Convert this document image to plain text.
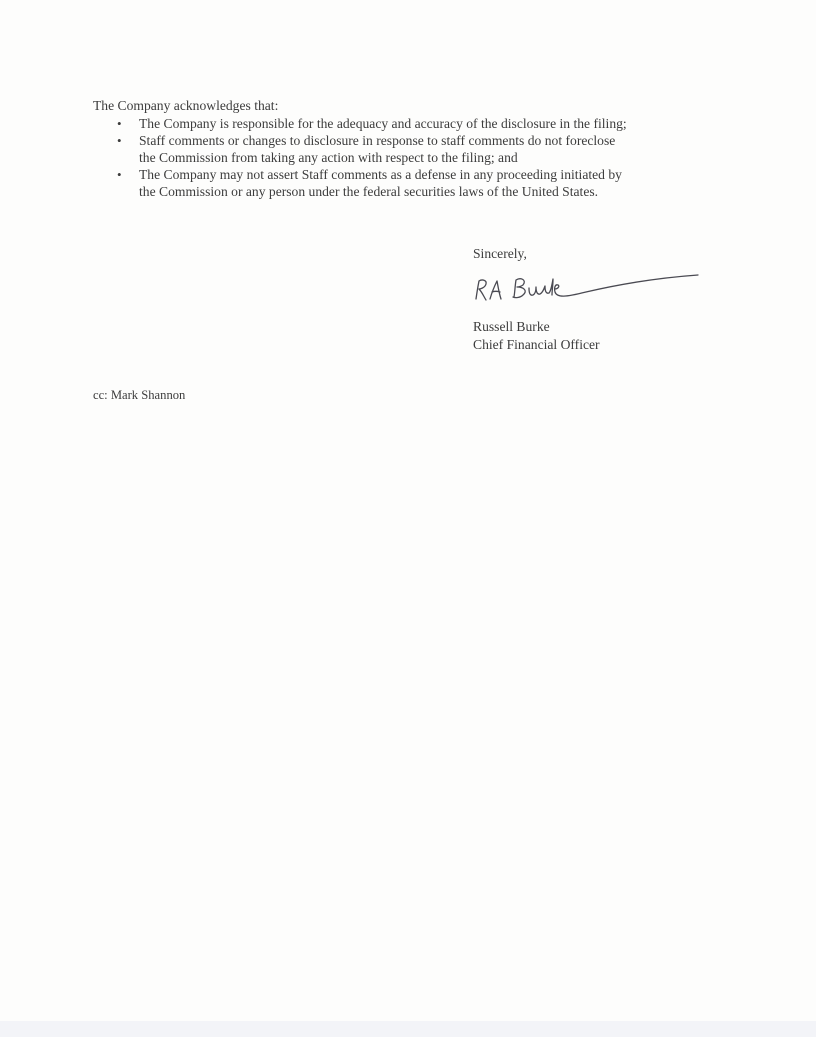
The Company acknowledges that:
• The Company is responsible for the adequacy and accuracy of the disclosure in the filing;
• Staff comments or changes to disclosure in response to staff comments do not foreclose
the Commission from taking any action with respect to the filing; and
• The Company may not assert Staff comments as a defense in any proceeding initiated by
the Commission or any person under the federal securities laws of the United States.
Sincerely,
Russell Burke
Chief Financial Officer
cc: Mark Shannon
